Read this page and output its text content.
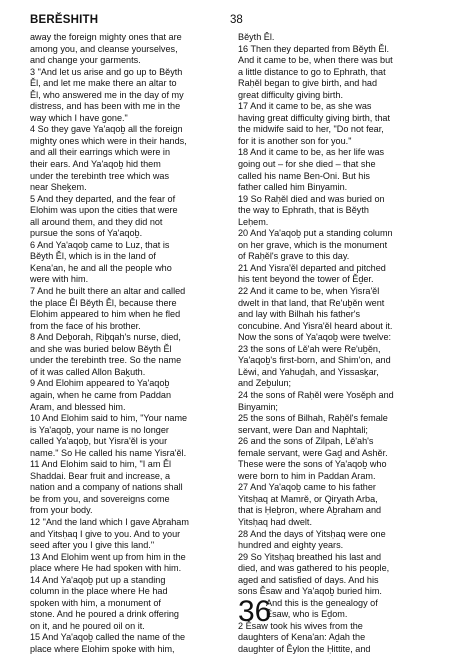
BERĔSHITH	38
away the foreign mighty ones that are
among you, and cleanse yourselves,
and change your garments.
3 "And let us arise and go up to Bĕyth
Ěl, and let me make there an altar to
Ěl, who answered me in the day of my
distress, and has been with me in the
way which I have gone."
4 So they gave Ya'aqoḇ all the foreign
mighty ones which were in their hands,
and all their earrings which were in
their ears. And Ya'aqoḇ hid them
under the terebinth tree which was
near Sheḵem.
5 And they departed, and the fear of
Elohim was upon the cities that were
all around them, and they did not
pursue the sons of Ya'aqoḇ.
6 And Ya'aqoḇ came to Luz, that is
Bĕyth Ěl, which is in the land of
Kena'an, he and all the people who
were with him.
7 And he built there an altar and called
the place Ěl Bĕyth Ěl, because there
Elohim appeared to him when he fled
from the face of his brother.
8 And Deḇorah, Riḇqah's nurse, died,
and she was buried below Bĕyth Ěl
under the terebinth tree. So the name
of it was called Allon Baḵuth.
9 And Elohim appeared to Ya'aqoḇ
again, when he came from Paddan
Aram, and blessed him.
10 And Elohim said to him, "Your name
is Ya'aqoḇ, your name is no longer
called Ya'aqoḇ, but Yisra'ěl is your
name." So He called his name Yisra'ěl.
11 And Elohim said to him, "I am Ěl
Shaddai. Bear fruit and increase, a
nation and a company of nations shall
be from you, and sovereigns come
from your body.
12 "And the land which I gave Aḇraham
and Yitsḥaq I give to you. And to your
seed after you I give this land."
13 And Elohim went up from him in the
place where He had spoken with him.
14 And Ya'aqoḇ put up a standing
column in the place where He had
spoken with him, a monument of
stone. And he poured a drink offering
on it, and he poured oil on it.
15 And Ya'aqoḇ called the name of the
place where Elohim spoke with him,
Bĕyth Ěl.
16 Then they departed from Bĕyth Ěl.
And it came to be, when there was but
a little distance to go to Ephrath, that
Raḥěl began to give birth, and had
great difficulty giving birth.
17 And it came to be, as she was
having great difficulty giving birth, that
the midwife said to her, "Do not fear,
for it is another son for you."
18 And it came to be, as her life was
going out – for she died – that she
called his name Ben-Oni. But his
father called him Binyamin.
19 So Raḥěl died and was buried on
the way to Ephrath, that is Bĕyth
Leḥem.
20 And Ya'aqoḇ put a standing column
on her grave, which is the monument
of Raḥěl's grave to this day.
21 And Yisra'ěl departed and pitched
his tent beyond the tower of Ěḏer.
22 And it came to be, when Yisra'ěl
dwelt in that land, that Re'uḇěn went
and lay with Bilhah his father's
concubine. And Yisra'ěl heard about it.
Now the sons of Ya'aqoḇ were twelve:
23 the sons of Lě'ah were Re'uḇěn,
Ya'aqoḇ's first-born, and Shim'on, and
Lěwi, and Yahuḏah, and Yissasḵar,
and Zeḇulun;
24 the sons of Raḥěl were Yosěph and
Binyamin;
25 the sons of Bilhah, Raḥěl's female
servant, were Dan and Naphtali;
26 and the sons of Zilpah, Lě'ah's
female servant, were Gaḏ and Ashěr.
These were the sons of Ya'aqoḇ who
were born to him in Paddan Aram.
27 And Ya'aqoḇ came to his father
Yitsḥaq at Mamrě, or Qiryath Arba,
that is Ḥeḇron, where Aḇraham and
Yitsḥaq had dwelt.
28 And the days of Yitsḥaq were one
hundred and eighty years.
29 So Yitsḥaq breathed his last and
died, and was gathered to his people,
aged and satisfied of days. And his
sons Ěsaw and Ya'aqoḇ buried him.
36
And this is the genealogy of
Ěsaw, who is Eḏom.
2 Ěsaw took his wives from the
daughters of Kena'an: Aḏah the
daughter of Ěylon the Ḥittite, and
